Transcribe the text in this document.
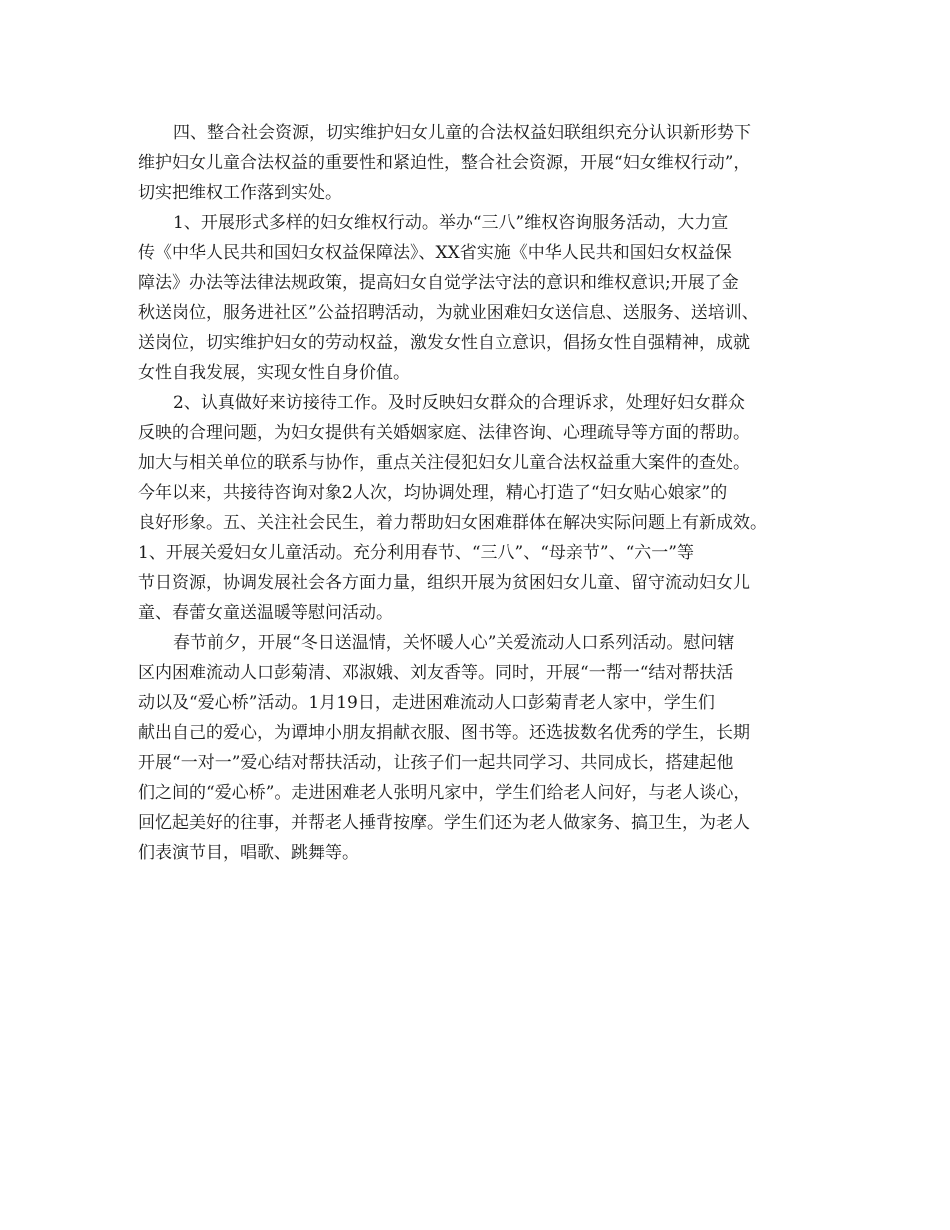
四、整合社会资源，切实维护妇女儿童的合法权益妇联组织充分认识新形势下
维护妇女儿童合法权益的重要性和紧迫性，整合社会资源，开展“妇女维权行动”，
切实把维权工作落到实处。
1、开展形式多样的妇女维权行动。举办“三八”维权咨询服务活动，大力宣
传《中华人民共和国妇女权益保障法》、XX省实施《中华人民共和国妇女权益保
障法》办法等法律法规政策，提高妇女自觉学法守法的意识和维权意识;开展了金
秋送岗位，服务进社区”公益招聘活动，为就业困难妇女送信息、送服务、送培训、
送岗位，切实维护妇女的劳动权益，激发女性自立意识，倡扬女性自强精神，成就
女性自我发展，实现女性自身价值。
2、认真做好来访接待工作。及时反映妇女群众的合理诉求，处理好妇女群众
反映的合理问题，为妇女提供有关婚姻家庭、法律咨询、心理疏导等方面的帮助。
加大与相关单位的联系与协作，重点关注侵犯妇女儿童合法权益重大案件的查处。
今年以来，共接待咨询对象2人次，均协调处理，精心打造了“妇女贴心娘家”的
良好形象。五、关注社会民生，着力帮助妇女困难群体在解决实际问题上有新成效。
1、开展关爱妇女儿童活动。充分利用春节、“三八”、“母亲节”、“六一”等
节日资源，协调发展社会各方面力量，组织开展为贫困妇女儿童、留守流动妇女儿
童、春蕾女童送温暖等慰问活动。
春节前夕，开展“冬日送温情，关怀暖人心”关爱流动人口系列活动。慰问辖
区内困难流动人口彭菊清、邓淑娥、刘友香等。同时，开展“一帮一“结对帮扶活
动以及“爱心桥”活动。1月19日，走进困难流动人口彭菊青老人家中，学生们
献出自己的爱心，为谭坤小朋友捐献衣服、图书等。还选拔数名优秀的学生，长期
开展“一对一”爱心结对帮扶活动，让孩子们一起共同学习、共同成长，搭建起他
们之间的“爱心桥”。走进困难老人张明凡家中，学生们给老人问好，与老人谈心，
回忆起美好的往事，并帮老人捶背按摩。学生们还为老人做家务、搞卫生，为老人
们表演节目，唱歌、跳舞等。
